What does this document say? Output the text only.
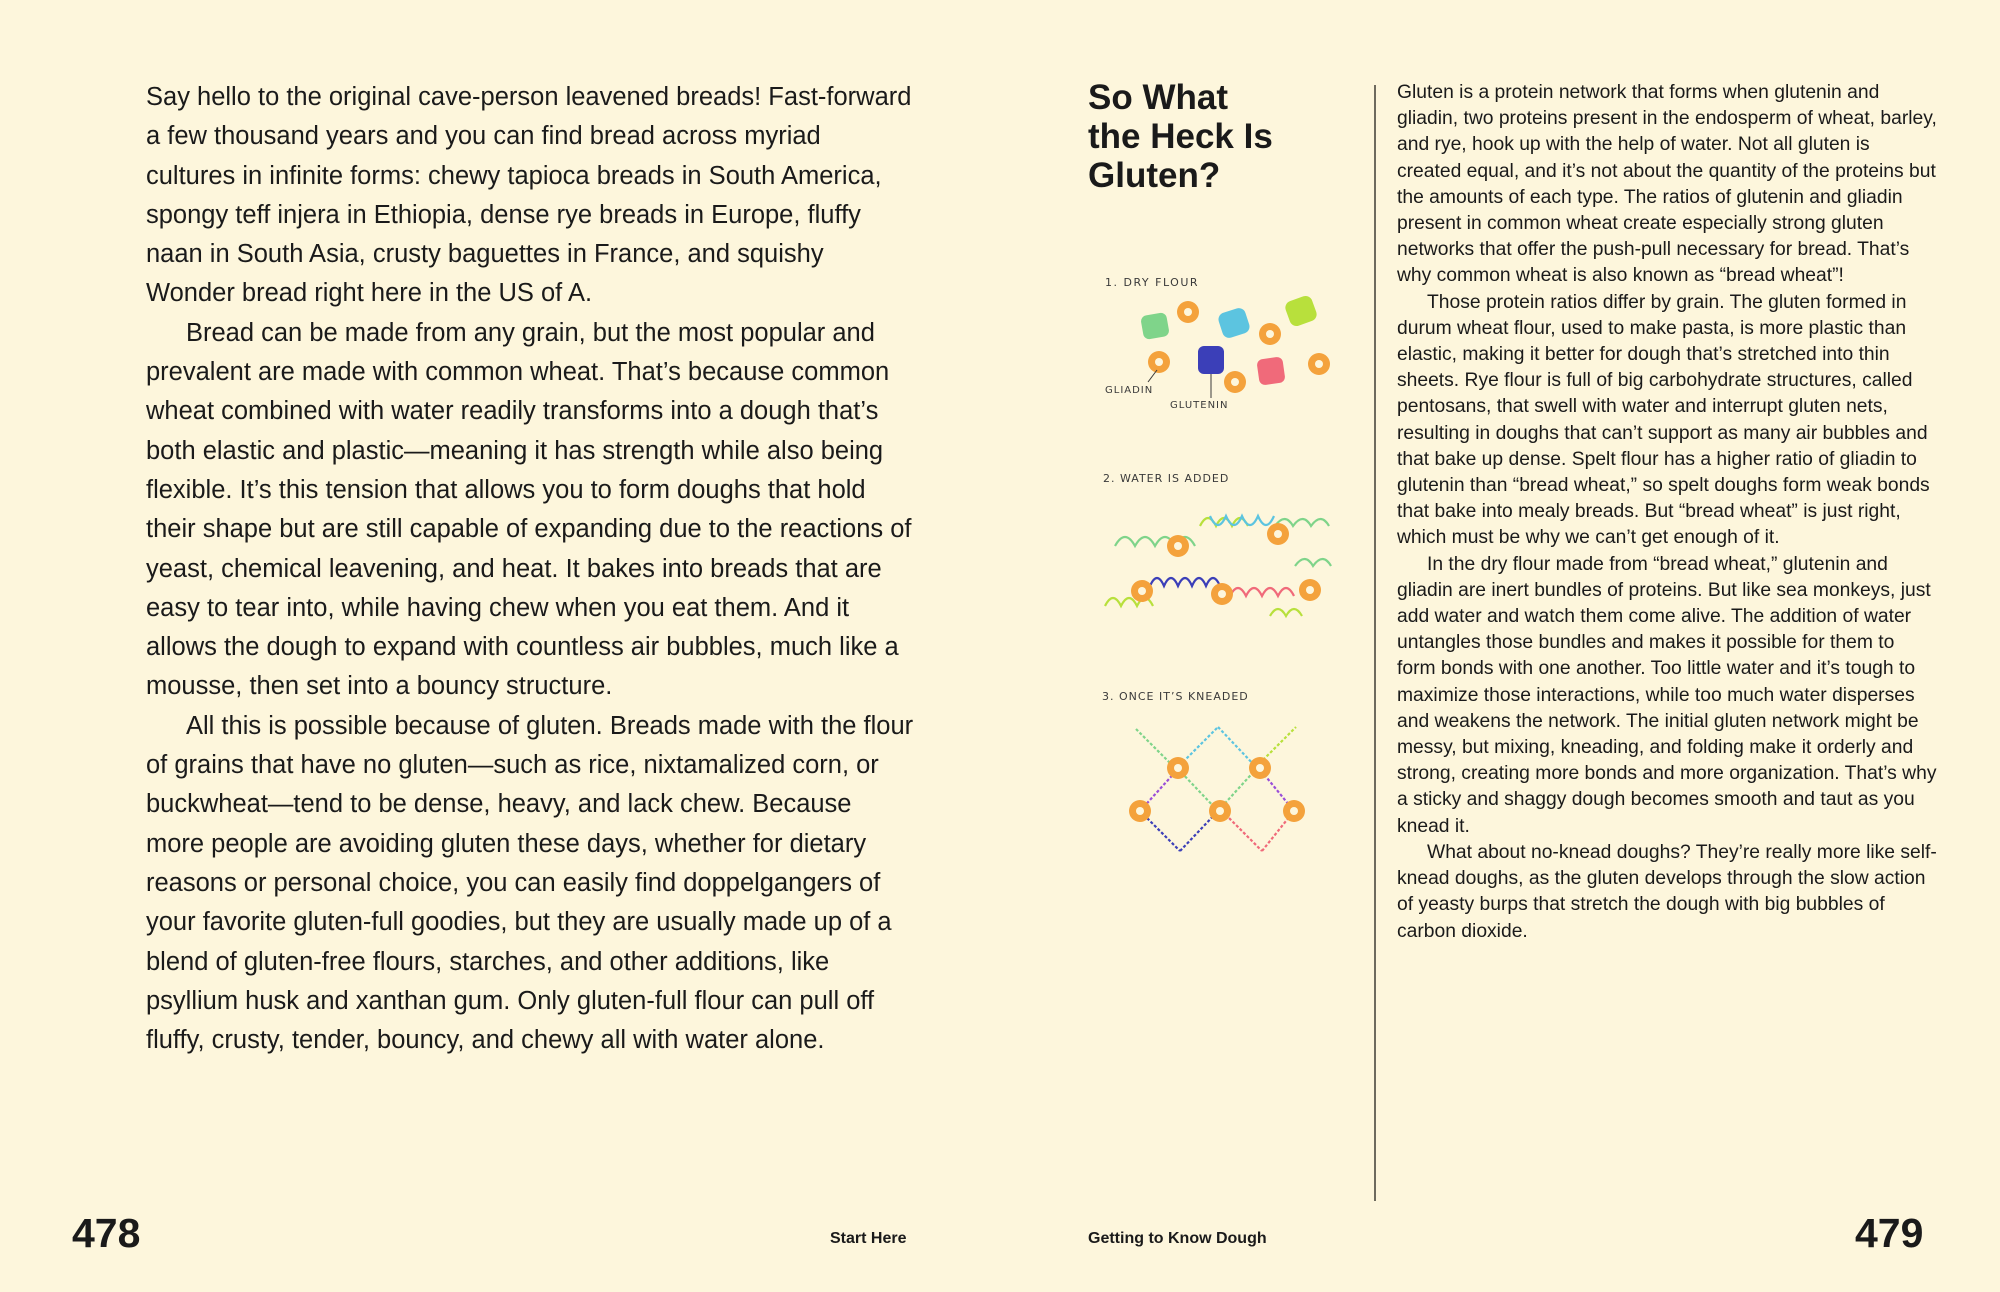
Say hello to the original cave-person leavened breads! Fast-forward a few thousand years and you can find bread across myriad cultures in infinite forms: chewy tapioca breads in South America, spongy teff injera in Ethiopia, dense rye breads in Europe, fluffy naan in South Asia, crusty baguettes in France, and squishy Wonder bread right here in the US of A.

Bread can be made from any grain, but the most popular and prevalent are made with common wheat. That’s because common wheat combined with water readily transforms into a dough that’s both elastic and plastic—meaning it has strength while also being flexible. It’s this tension that allows you to form doughs that hold their shape but are still capable of expanding due to the reactions of yeast, chemical leavening, and heat. It bakes into breads that are easy to tear into, while having chew when you eat them. And it allows the dough to expand with countless air bubbles, much like a mousse, then set into a bouncy structure.

All this is possible because of gluten. Breads made with the flour of grains that have no gluten—such as rice, nixtamalized corn, or buckwheat—tend to be dense, heavy, and lack chew. Because more people are avoiding gluten these days, whether for dietary reasons or personal choice, you can easily find doppelgangers of your favorite gluten-full goodies, but they are usually made up of a blend of gluten-free flours, starches, and other additions, like psyllium husk and xanthan gum. Only gluten-full flour can pull off fluffy, crusty, tender, bouncy, and chewy all with water alone.

So What
the Heck Is
Gluten?
1. DRY FLOUR
GLIADIN
GLUTENIN
2. WATER IS ADDED
3. ONCE IT’S KNEADED

Gluten is a protein network that forms when glutenin and gliadin, two proteins present in the endosperm of wheat, barley, and rye, hook up with the help of water. Not all gluten is created equal, and it’s not about the quantity of the proteins but the amounts of each type. The ratios of glutenin and gliadin present in common wheat create especially strong gluten networks that offer the push-pull necessary for bread. That’s why common wheat is also known as “bread wheat”!

Those protein ratios differ by grain. The gluten formed in durum wheat flour, used to make pasta, is more plastic than elastic, making it better for dough that’s stretched into thin sheets. Rye flour is full of big carbohydrate structures, called pentosans, that swell with water and interrupt gluten nets, resulting in doughs that can’t support as many air bubbles and that bake up dense. Spelt flour has a higher ratio of gliadin to glutenin than “bread wheat,” so spelt doughs form weak bonds that bake into mealy breads. But “bread wheat” is just right, which must be why we can’t get enough of it.

In the dry flour made from “bread wheat,” glutenin and gliadin are inert bundles of proteins. But like sea monkeys, just add water and watch them come alive. The addition of water untangles those bundles and makes it possible for them to form bonds with one another. Too little water and it’s tough to maximize those interactions, while too much water disperses and weakens the network. The initial gluten network might be messy, but mixing, kneading, and folding make it orderly and strong, creating more bonds and more organization. That’s why a sticky and shaggy dough becomes smooth and taut as you knead it.

What about no-knead doughs? They’re really more like self-knead doughs, as the gluten develops through the slow action of yeasty burps that stretch the dough with big bubbles of carbon dioxide.

478	Start Here	Getting to Know Dough	479
